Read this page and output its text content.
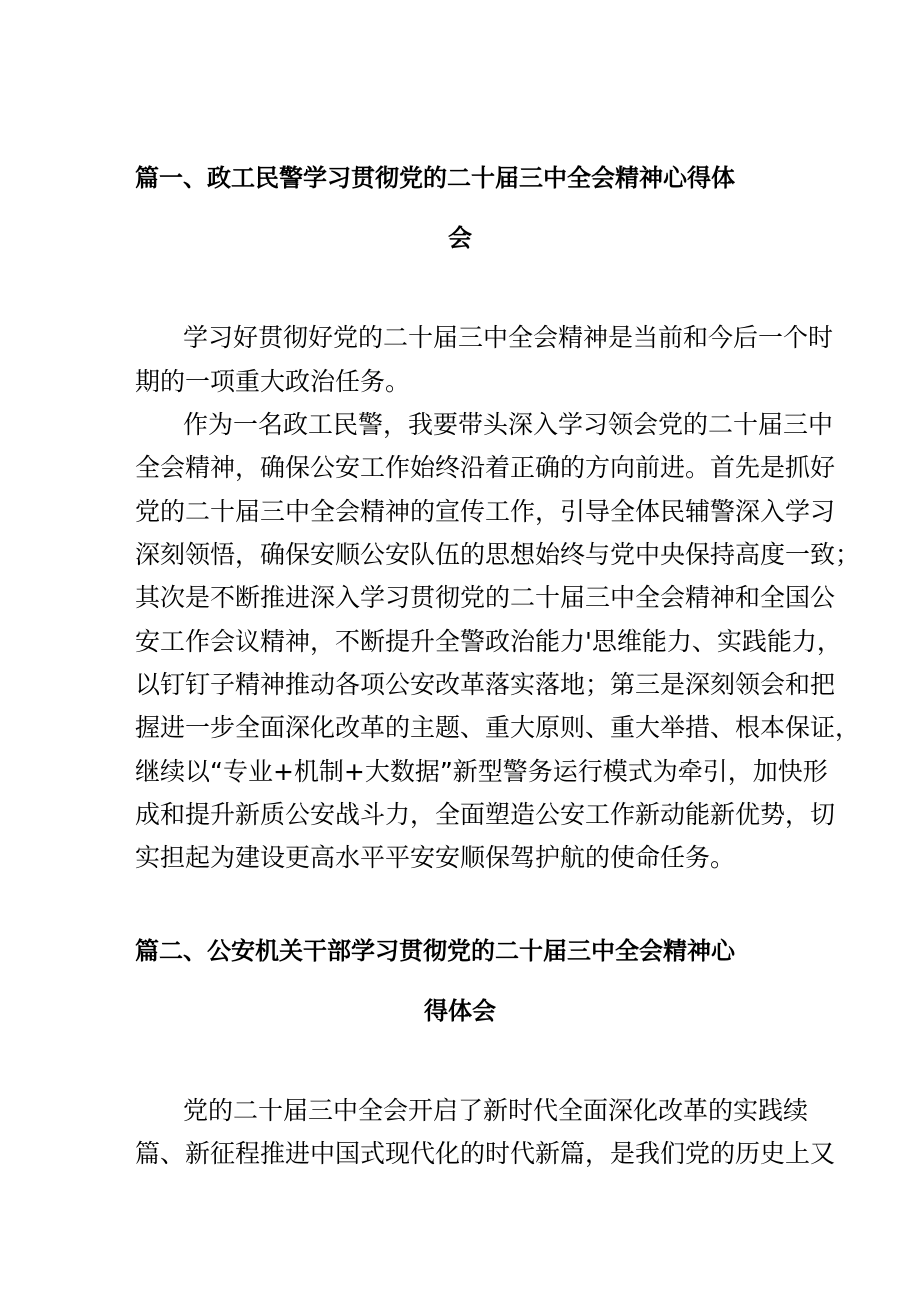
篇一、政工民警学习贯彻党的二十届三中全会精神心得体
会
学习好贯彻好党的二十届三中全会精神是当前和今后一个时
期的一项重大政治任务。
作为一名政工民警，我要带头深入学习领会党的二十届三中
全会精神，确保公安工作始终沿着正确的方向前进。首先是抓好
党的二十届三中全会精神的宣传工作，引导全体民辅警深入学习
深刻领悟，确保安顺公安队伍的思想始终与党中央保持高度一致；
其次是不断推进深入学习贯彻党的二十届三中全会精神和全国公
安工作会议精神，不断提升全警政治能力'思维能力、实践能力，
以钉钉子精神推动各项公安改革落实落地；第三是深刻领会和把
握进一步全面深化改革的主题、重大原则、重大举措、根本保证，
继续以“专业+机制+大数据”新型警务运行模式为牵引，加快形
成和提升新质公安战斗力，全面塑造公安工作新动能新优势，切
实担起为建设更高水平平安安顺保驾护航的使命任务。
篇二、公安机关干部学习贯彻党的二十届三中全会精神心
得体会
党的二十届三中全会开启了新时代全面深化改革的实践续
篇、新征程推进中国式现代化的时代新篇，是我们党的历史上又
